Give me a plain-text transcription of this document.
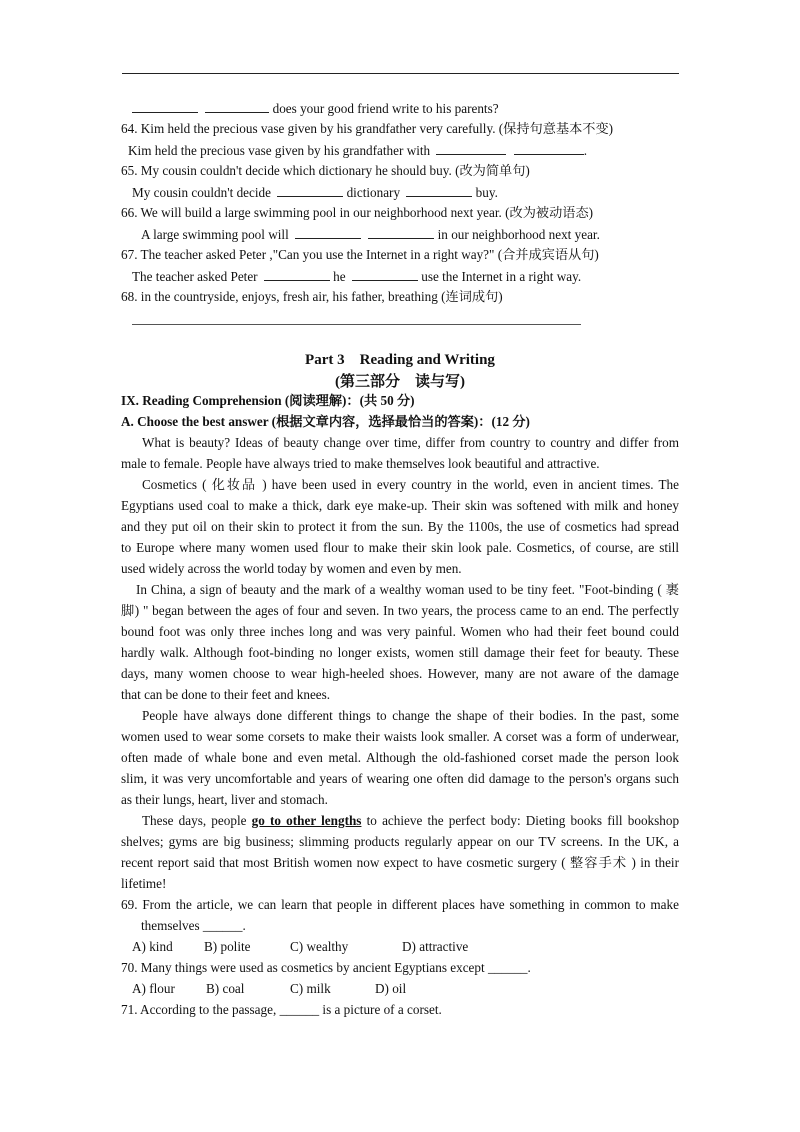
does your good friend write to his parents?
64. Kim held the precious vase given by his grandfather very carefully. (保持句意基本不变)
Kim held the precious vase given by his grandfather with	.
65. My cousin couldn't decide which dictionary he should buy. (改为简单句)
My cousin couldn't decide	dictionary	buy.
66. We will build a large swimming pool in our neighborhood next year. (改为被动语态)
A large swimming pool will	in our neighborhood next year.
67. The teacher asked Peter ,"Can you use the Internet in a right way?" (合并成宾语从句)
The teacher asked Peter	he	use the Internet in a right way.
68. in the countryside, enjoys, fresh air, his father, breathing (连词成句)
Part 3    Reading and Writing
(第三部分    读与写)
IX. Reading Comprehension (阅读理解)：(共 50 分)
A. Choose the best answer (根据文章内容，选择最恰当的答案)：(12 分)
What is beauty? Ideas of beauty change over time, differ from country to country and differ from
male to female. People have always tried to make themselves look beautiful and attractive.
Cosmetics ( 化妆品 ) have been used in every country in the world, even in ancient times. The
Egyptians used coal to make a thick, dark eye make-up. Their skin was softened with milk and honey
and they put oil on their skin to protect it from the sun. By the 1100s, the use of cosmetics had spread
to Europe where many women used flour to make their skin look pale. Cosmetics, of course, are still
used widely across the world today by women and even by men.
In China, a sign of beauty and the mark of a wealthy woman used to be tiny feet. "Foot-binding ( 裹
脚) " began between the ages of four and seven. In two years, the process came to an end. The perfectly
bound foot was only three inches long and was very painful. Women who had their feet bound could
hardly walk. Although foot-binding no longer exists, women still damage their feet for beauty. These
days, many women choose to wear high-heeled shoes. However, many are not aware of the damage
that can be done to their feet and knees.
People have always done different things to change the shape of their bodies. In the past, some
women used to wear some corsets to make their waists look smaller. A corset was a form of underwear,
often made of whale bone and even metal. Although the old-fashioned corset made the person look
slim, it was very uncomfortable and years of wearing one often did damage to the person's organs such
as their lungs, heart, liver and stomach.
These days, people go to other lengths to achieve the perfect body: Dieting books fill bookshop
shelves; gyms are big business; slimming products regularly appear on our TV screens. In the UK, a
recent report said that most British women now expect to have cosmetic surgery ( 整容手术 ) in their
lifetime!
69. From the article, we can learn that people in different places have something in common to make
themselves ______.
A) kind B) polite	C) wealthy	D) attractive
70. Many things were used as cosmetics by ancient Egyptians except ______.
A) flour B) coal	C) milk	D) oil
71. According to the passage, ______ is a picture of a corset.
